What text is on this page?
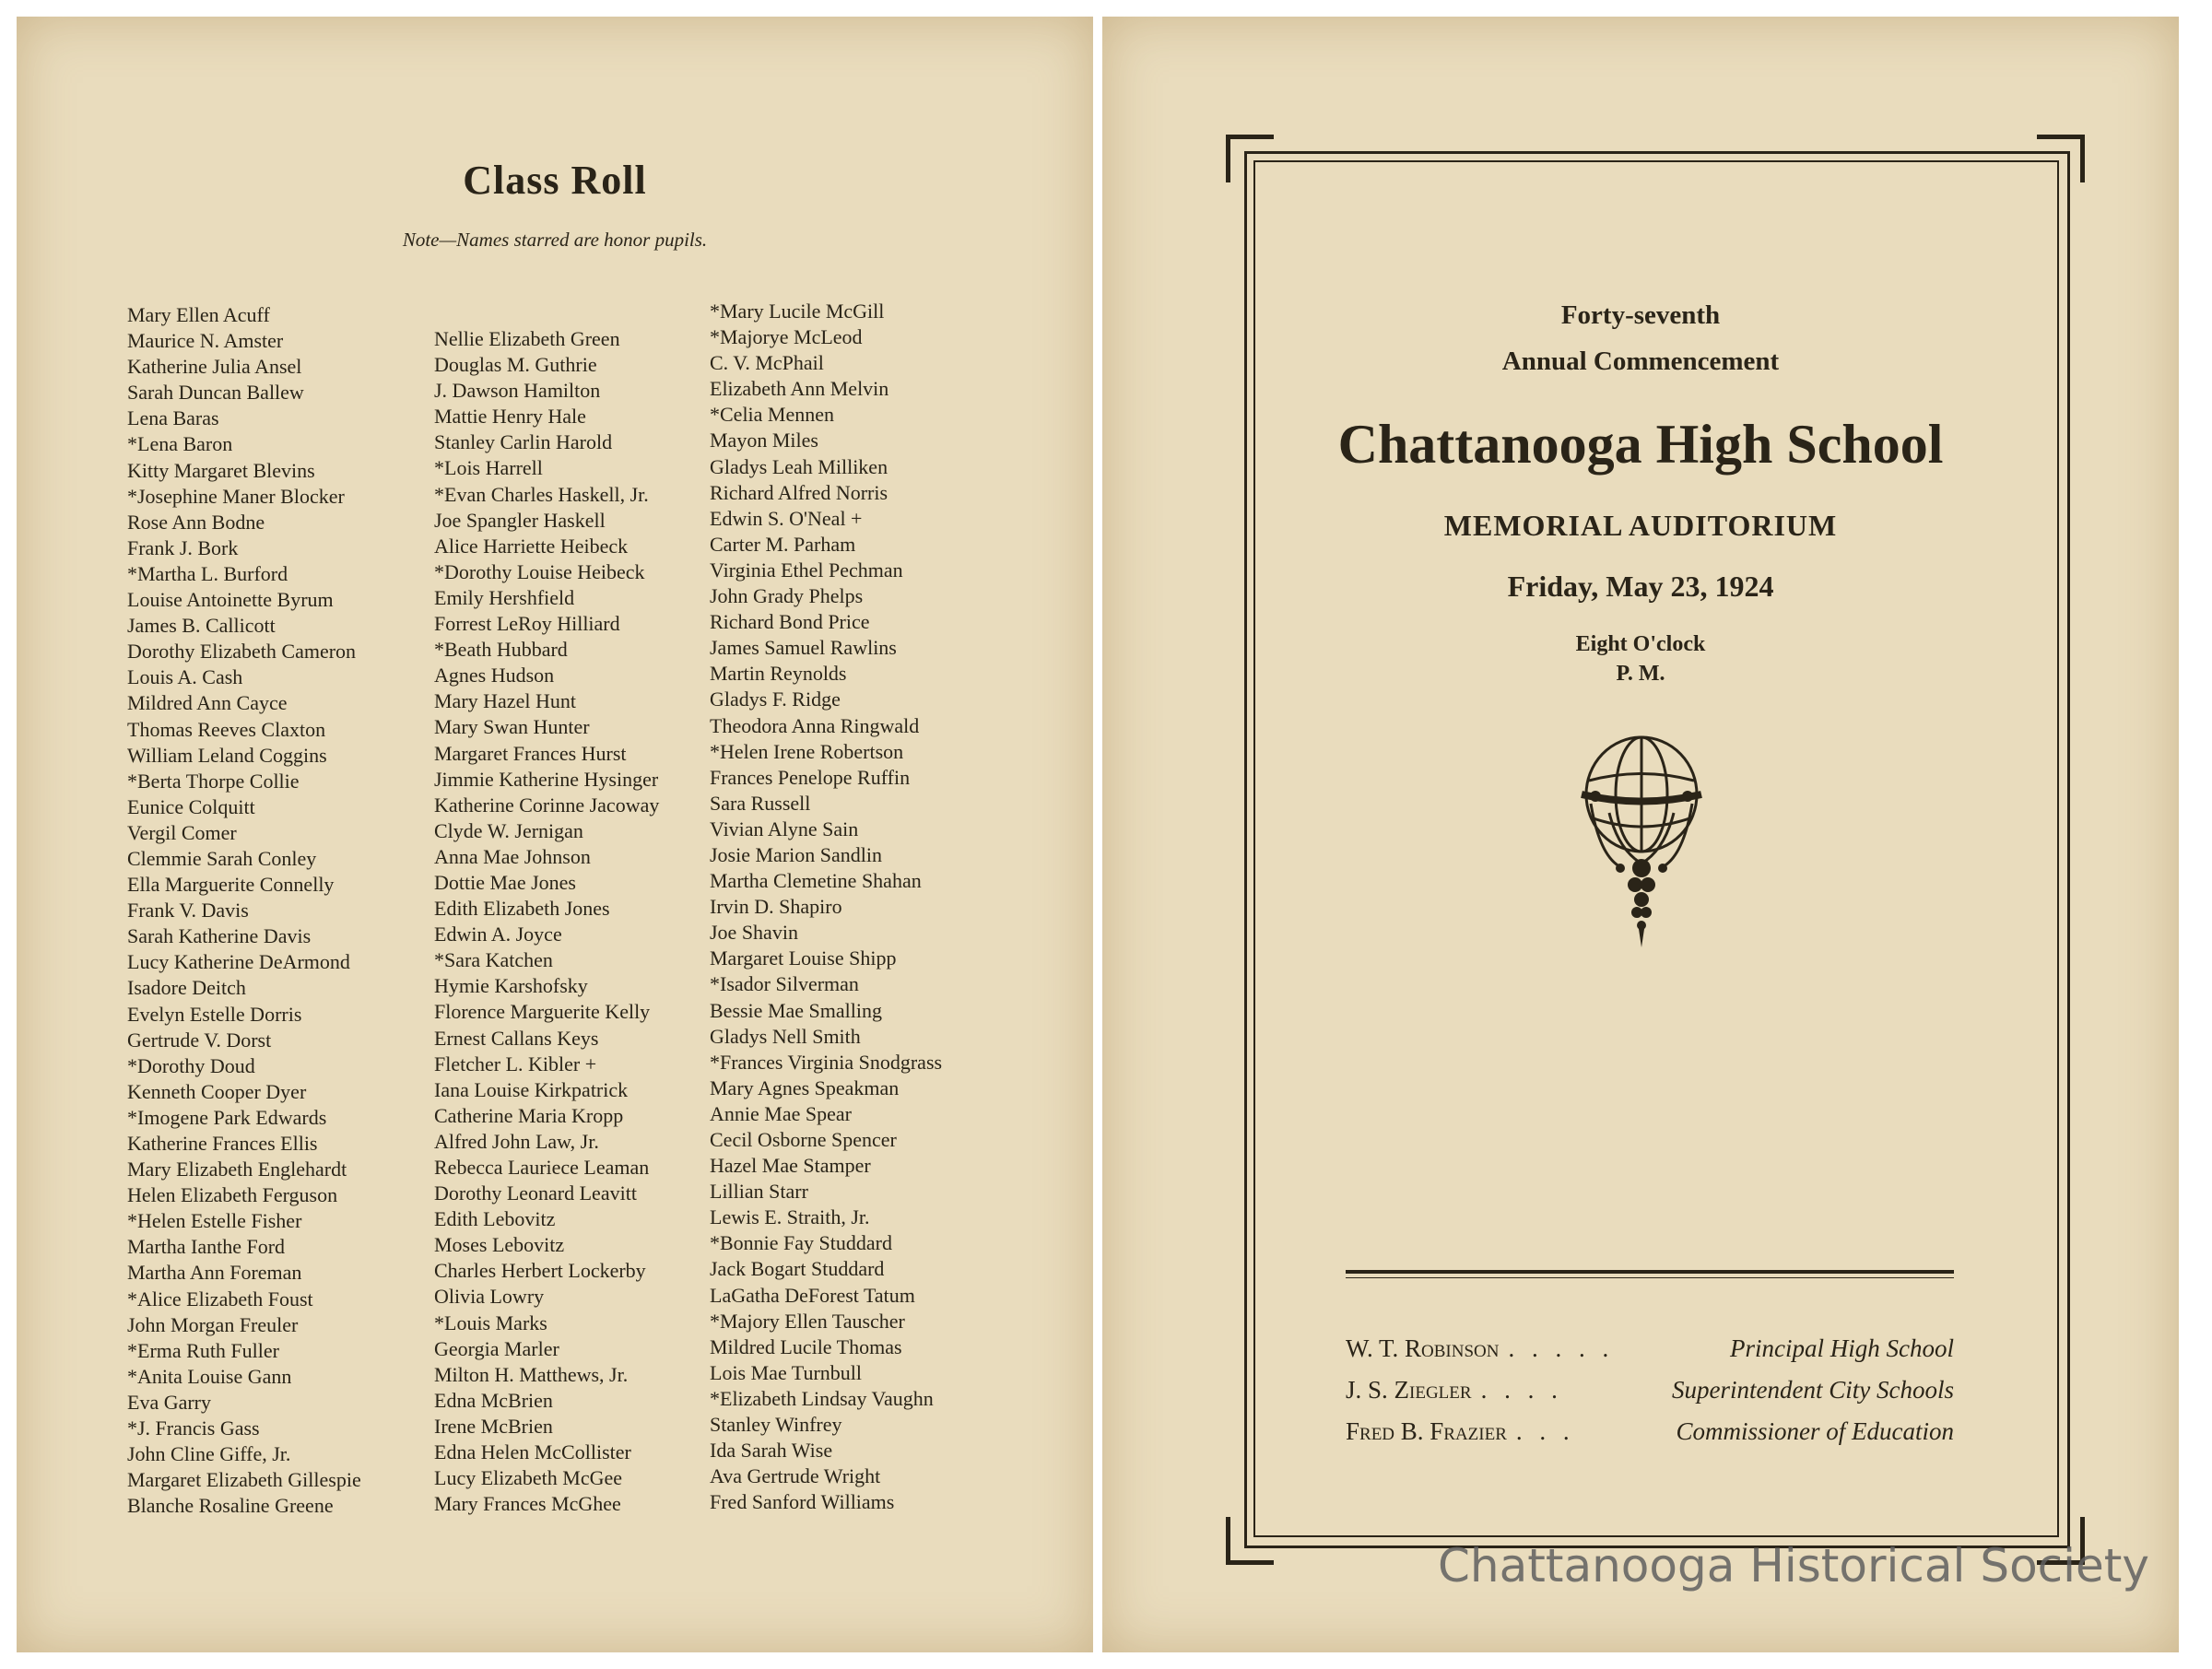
Class Roll
Note—Names starred are honor pupils.
Mary Ellen Acuff
Maurice N. Amster
Katherine Julia Ansel
Sarah Duncan Ballew
Lena Baras
*Lena Baron
Kitty Margaret Blevins
*Josephine Maner Blocker
Rose Ann Bodne
Frank J. Bork
*Martha L. Burford
Louise Antoinette Byrum
James B. Callicott
Dorothy Elizabeth Cameron
Louis A. Cash
Mildred Ann Cayce
Thomas Reeves Claxton
William Leland Coggins
*Berta Thorpe Collie
Eunice Colquitt
Vergil Comer
Clemmie Sarah Conley
Ella Marguerite Connelly
Frank V. Davis
Sarah Katherine Davis
Lucy Katherine DeArmond
Isadore Deitch
Evelyn Estelle Dorris
Gertrude V. Dorst
*Dorothy Doud
Kenneth Cooper Dyer
*Imogene Park Edwards
Katherine Frances Ellis
Mary Elizabeth Englehardt
Helen Elizabeth Ferguson
*Helen Estelle Fisher
Martha Ianthe Ford
Martha Ann Foreman
*Alice Elizabeth Foust
John Morgan Freuler
*Erma Ruth Fuller
*Anita Louise Gann
Eva Garry
*J. Francis Gass
John Cline Giffe, Jr.
Margaret Elizabeth Gillespie
Blanche Rosaline Greene
Nellie Elizabeth Green
Douglas M. Guthrie
J. Dawson Hamilton
Mattie Henry Hale
Stanley Carlin Harold
*Lois Harrell
*Evan Charles Haskell, Jr.
Joe Spangler Haskell
Alice Harriette Heibeck
*Dorothy Louise Heibeck
Emily Hershfield
Forrest LeRoy Hilliard
*Beath Hubbard
Agnes Hudson
Mary Hazel Hunt
Mary Swan Hunter
Margaret Frances Hurst
Jimmie Katherine Hysinger
Katherine Corinne Jacoway
Clyde W. Jernigan
Anna Mae Johnson
Dottie Mae Jones
Edith Elizabeth Jones
Edwin A. Joyce
*Sara Katchen
Hymie Karshofsky
Florence Marguerite Kelly
Ernest Callans Keys
Fletcher L. Kibler +
Iana Louise Kirkpatrick
Catherine Maria Kropp
Alfred John Law, Jr.
Rebecca Lauriece Leaman
Dorothy Leonard Leavitt
Edith Lebovitz
Moses Lebovitz
Charles Herbert Lockerby
Olivia Lowry
*Louis Marks
Georgia Marler
Milton H. Matthews, Jr.
Edna McBrien
Irene McBrien
Edna Helen McCollister
Lucy Elizabeth McGee
Mary Frances McGhee
*Mary Lucile McGill
*Majorye McLeod
C. V. McPhail
Elizabeth Ann Melvin
*Celia Mennen
Mayon Miles
Gladys Leah Milliken
Richard Alfred Norris
Edwin S. O'Neal +
Carter M. Parham
Virginia Ethel Pechman
John Grady Phelps
Richard Bond Price
James Samuel Rawlins
Martin Reynolds
Gladys F. Ridge
Theodora Anna Ringwald
*Helen Irene Robertson
Frances Penelope Ruffin
Sara Russell
Vivian Alyne Sain
Josie Marion Sandlin
Martha Clemetine Shahan
Irvin D. Shapiro
Joe Shavin
Margaret Louise Shipp
*Isador Silverman
Bessie Mae Smalling
Gladys Nell Smith
*Frances Virginia Snodgrass
Mary Agnes Speakman
Annie Mae Spear
Cecil Osborne Spencer
Hazel Mae Stamper
Lillian Starr
Lewis E. Straith, Jr.
*Bonnie Fay Studdard
Jack Bogart Studdard
LaGatha DeForest Tatum
*Majory Ellen Tauscher
Mildred Lucile Thomas
Lois Mae Turnbull
*Elizabeth Lindsay Vaughn
Stanley Winfrey
Ida Sarah Wise
Ava Gertrude Wright
Fred Sanford Williams
Forty-seventh
Annual Commencement
Chattanooga High School
MEMORIAL AUDITORIUM
Friday, May 23, 1924
Eight O'clock
P. M.
W. T. Robinson . . . . .	Principal High School
J. S. Ziegler . . . .	Superintendent City Schools
Fred B. Frazier . . .	Commissioner of Education
Chattanooga Historical Society
